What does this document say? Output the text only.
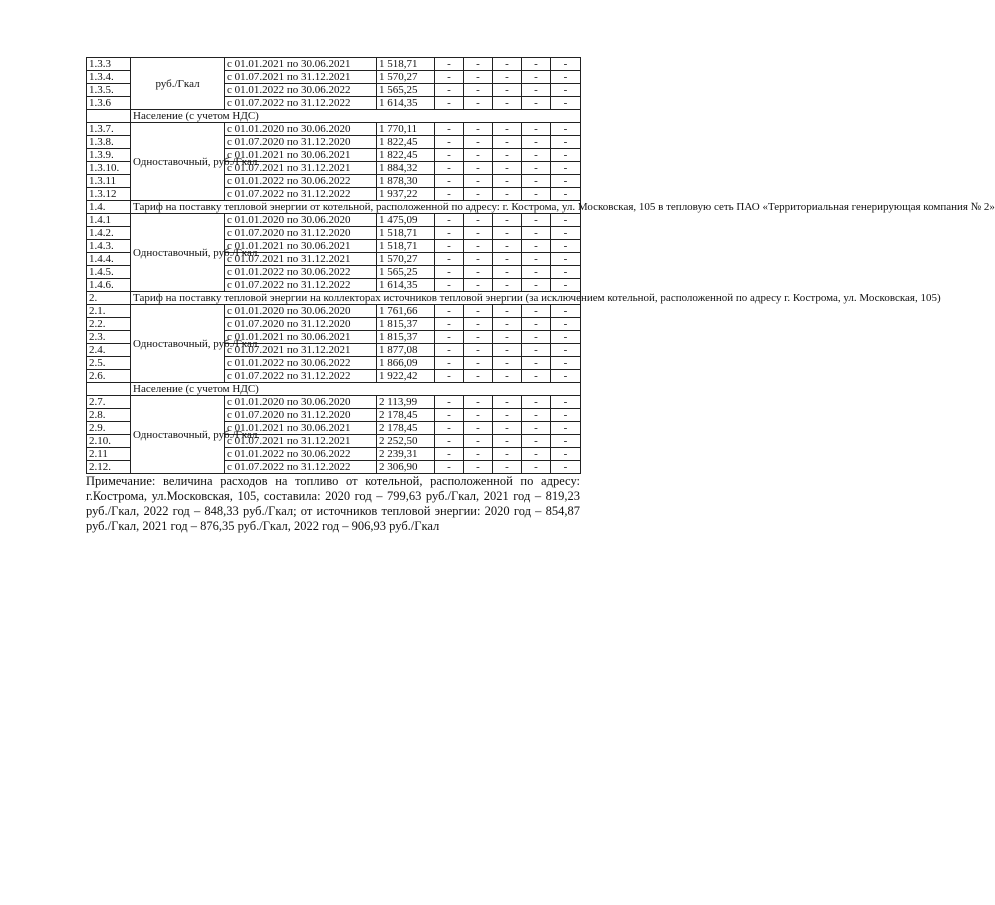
1.3.3	руб./Гкал	с 01.01.2021 по 30.06.2021	1 518,71	-	-	-	-	-
1.3.4.		с 01.07.2021 по 31.12.2021	1 570,27	-	-	-	-	-
1.3.5.		с 01.01.2022 по 30.06.2022	1 565,25	-	-	-	-	-
1.3.6		с 01.07.2022 по 31.12.2022	1 614,35	-	-	-	-	-
	Население (с учетом НДС)							
1.3.7.	Одноставочный, руб./Гкал	с 01.01.2020 по 30.06.2020	1 770,11	-	-	-	-	-
1.3.8.		с 01.07.2020 по 31.12.2020	1 822,45	-	-	-	-	-
1.3.9.		с 01.01.2021 по 30.06.2021	1 822,45	-	-	-	-	-
1.3.10.		с 01.07.2021 по 31.12.2021	1 884,32	-	-	-	-	-
1.3.11		с 01.01.2022 по 30.06.2022	1 878,30	-	-	-	-	-
1.3.12		с 01.07.2022 по 31.12.2022	1 937,22	-	-	-	-	-
1.4.	Тариф на поставку тепловой энергии от котельной, расположенной по адресу: г. Кострома, ул. Московская, 105 в тепловую сеть ПАО «Территориальная генерирующая компания № 2»							
1.4.1	Одноставочный, руб./Гкал	с 01.01.2020 по 30.06.2020	1 475,09	-	-	-	-	-
1.4.2.		с 01.07.2020 по 31.12.2020	1 518,71	-	-	-	-	-
1.4.3.		с 01.01.2021 по 30.06.2021	1 518,71	-	-	-	-	-
1.4.4.		с 01.07.2021 по 31.12.2021	1 570,27	-	-	-	-	-
1.4.5.		с 01.01.2022 по 30.06.2022	1 565,25	-	-	-	-	-
1.4.6.		с 01.07.2022 по 31.12.2022	1 614,35	-	-	-	-	-
2.	Тариф на поставку тепловой энергии на коллекторах источников тепловой энергии (за исключением котельной, расположенной по адресу г. Кострома, ул. Московская, 105)							
2.1.	Одноставочный, руб./Гкал	с 01.01.2020 по 30.06.2020	1 761,66	-	-	-	-	-
2.2.		с 01.07.2020 по 31.12.2020	1 815,37	-	-	-	-	-
2.3.		с 01.01.2021 по 30.06.2021	1 815,37	-	-	-	-	-
2.4.		с 01.07.2021 по 31.12.2021	1 877,08	-	-	-	-	-
2.5.		с 01.01.2022 по 30.06.2022	1 866,09	-	-	-	-	-
2.6.		с 01.07.2022 по 31.12.2022	1 922,42	-	-	-	-	-
	Население (с учетом НДС)							
2.7.	Одноставочный, руб./Гкал	с 01.01.2020 по 30.06.2020	2 113,99	-	-	-	-	-
2.8.		с 01.07.2020 по 31.12.2020	2 178,45	-	-	-	-	-
2.9.		с 01.01.2021 по 30.06.2021	2 178,45	-	-	-	-	-
2.10.		с 01.07.2021 по 31.12.2021	2 252,50	-	-	-	-	-
2.11		с 01.01.2022 по 30.06.2022	2 239,31	-	-	-	-	-
2.12.		с 01.07.2022 по 31.12.2022	2 306,90	-	-	-	-	-

Примечание: величина расходов на топливо от котельной, расположенной по адресу: г.Кострома, ул.Московская, 105, составила: 2020 год – 799,63 руб./Гкал, 2021 год – 819,23 руб./Гкал, 2022 год – 848,33 руб./Гкал; от источников тепловой энергии: 2020 год – 854,87 руб./Гкал, 2021 год – 876,35 руб./Гкал, 2022 год – 906,93 руб./Гкал
